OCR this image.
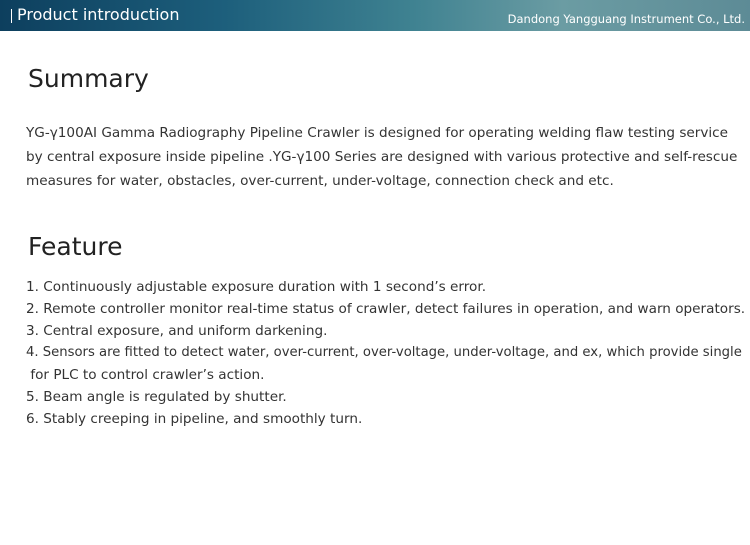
Product introduction	Dandong Yangguang Instrument Co., Ltd.
Summary
YG-γ100AI Gamma Radiography Pipeline Crawler is designed for operating welding flaw testing service
by central exposure inside pipeline .YG-γ100 Series are designed with various protective and self-rescue
measures for water, obstacles, over-current, under-voltage, connection check and etc.
Feature
1. Continuously adjustable exposure duration with 1 second’s error.
2. Remote controller monitor real-time status of crawler, detect failures in operation, and warn operators.
3. Central exposure, and uniform darkening.
4. Sensors are fitted to detect water, over-current, over-voltage, under-voltage, and ex, which provide single
for PLC to control crawler’s action.
5. Beam angle is regulated by shutter.
6. Stably creeping in pipeline, and smoothly turn.
